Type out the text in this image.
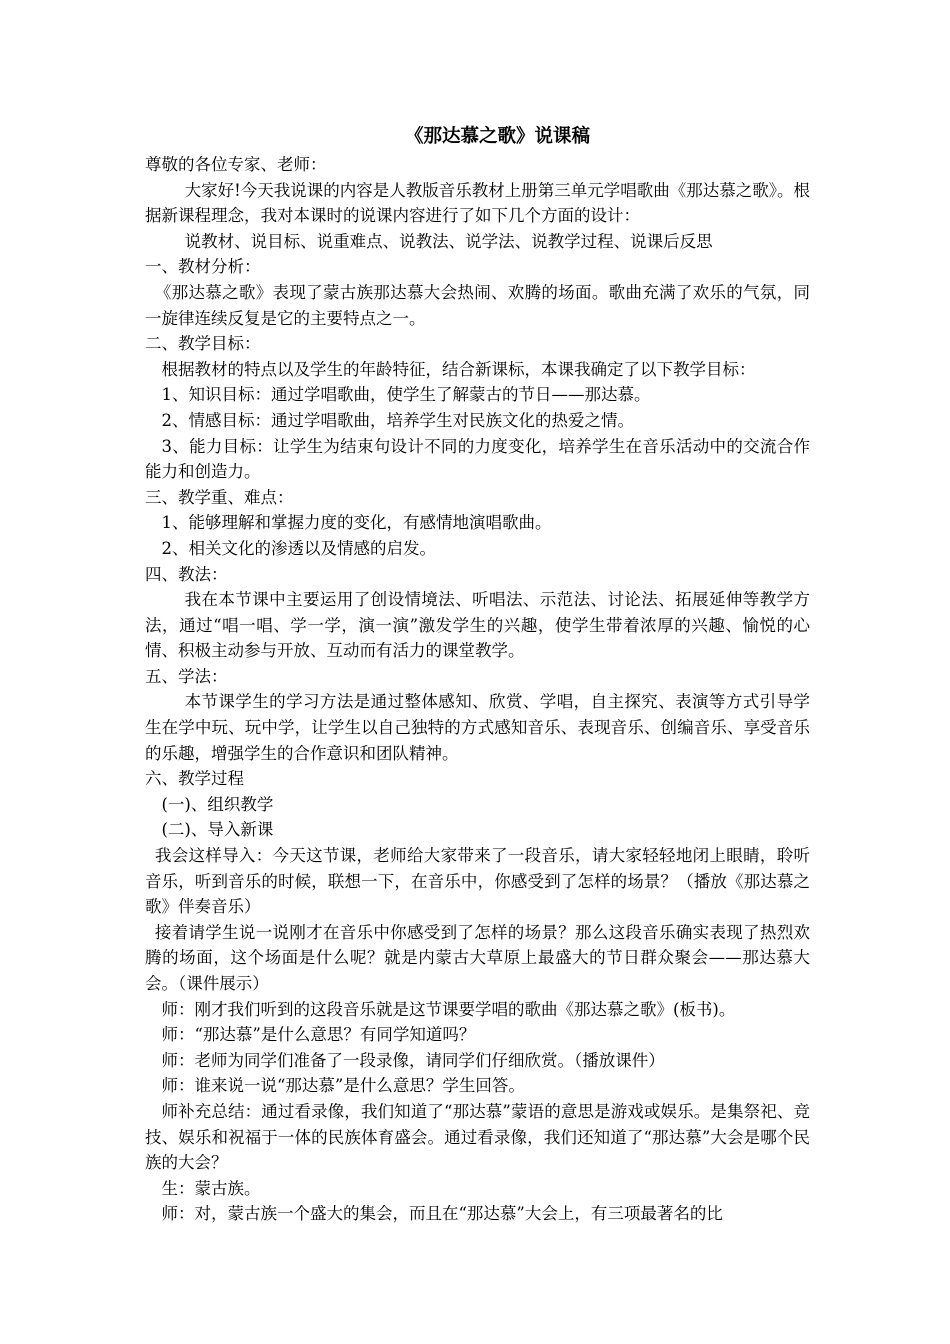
《那达慕之歌》说课稿

尊敬的各位专家、老师：

大家好!今天我说课的内容是人教版音乐教材上册第三单元学唱歌曲《那达慕之歌》。根据新课程理念，我对本课时的说课内容进行了如下几个方面的设计：

说教材、说目标、说重难点、说教法、说学法、说教学过程、说课后反思

一、教材分析：

《那达慕之歌》表现了蒙古族那达慕大会热闹、欢腾的场面。歌曲充满了欢乐的气氛，同一旋律连续反复是它的主要特点之一。

二、教学目标：

根据教材的特点以及学生的年龄特征，结合新课标，本课我确定了以下教学目标：

1、知识目标：通过学唱歌曲，使学生了解蒙古的节日——那达慕。

2、情感目标：通过学唱歌曲，培养学生对民族文化的热爱之情。

3、能力目标：让学生为结束句设计不同的力度变化，培养学生在音乐活动中的交流合作能力和创造力。

三、教学重、难点：

1、能够理解和掌握力度的变化，有感情地演唱歌曲。

2、相关文化的渗透以及情感的启发。

四、教法：

我在本节课中主要运用了创设情境法、听唱法、示范法、讨论法、拓展延伸等教学方法，通过“唱一唱、学一学，演一演”激发学生的兴趣，使学生带着浓厚的兴趣、愉悦的心情、积极主动参与开放、互动而有活力的课堂教学。

五、学法：

本节课学生的学习方法是通过整体感知、欣赏、学唱，自主探究、表演等方式引导学生在学中玩、玩中学，让学生以自己独特的方式感知音乐、表现音乐、创编音乐、享受音乐的乐趣，增强学生的合作意识和团队精神。

六、教学过程

(一)、组织教学

(二)、导入新课

我会这样导入：今天这节课，老师给大家带来了一段音乐，请大家轻轻地闭上眼睛，聆听音乐，听到音乐的时候，联想一下，在音乐中，你感受到了怎样的场景？（播放《那达慕之歌》伴奏音乐）

接着请学生说一说刚才在音乐中你感受到了怎样的场景？那么这段音乐确实表现了热烈欢腾的场面，这个场面是什么呢？就是内蒙古大草原上最盛大的节日群众聚会——那达慕大会。（课件展示）

师：刚才我们听到的这段音乐就是这节课要学唱的歌曲《那达慕之歌》(板书)。

师：“那达慕”是什么意思？有同学知道吗？

师：老师为同学们准备了一段录像，请同学们仔细欣赏。（播放课件）

师：谁来说一说“那达慕”是什么意思？学生回答。

师补充总结：通过看录像，我们知道了“那达慕”蒙语的意思是游戏或娱乐。是集祭祀、竞技、娱乐和祝福于一体的民族体育盛会。通过看录像，我们还知道了“那达慕”大会是哪个民族的大会？

生：蒙古族。

师：对，蒙古族一个盛大的集会，而且在“那达慕”大会上，有三项最著名的比
